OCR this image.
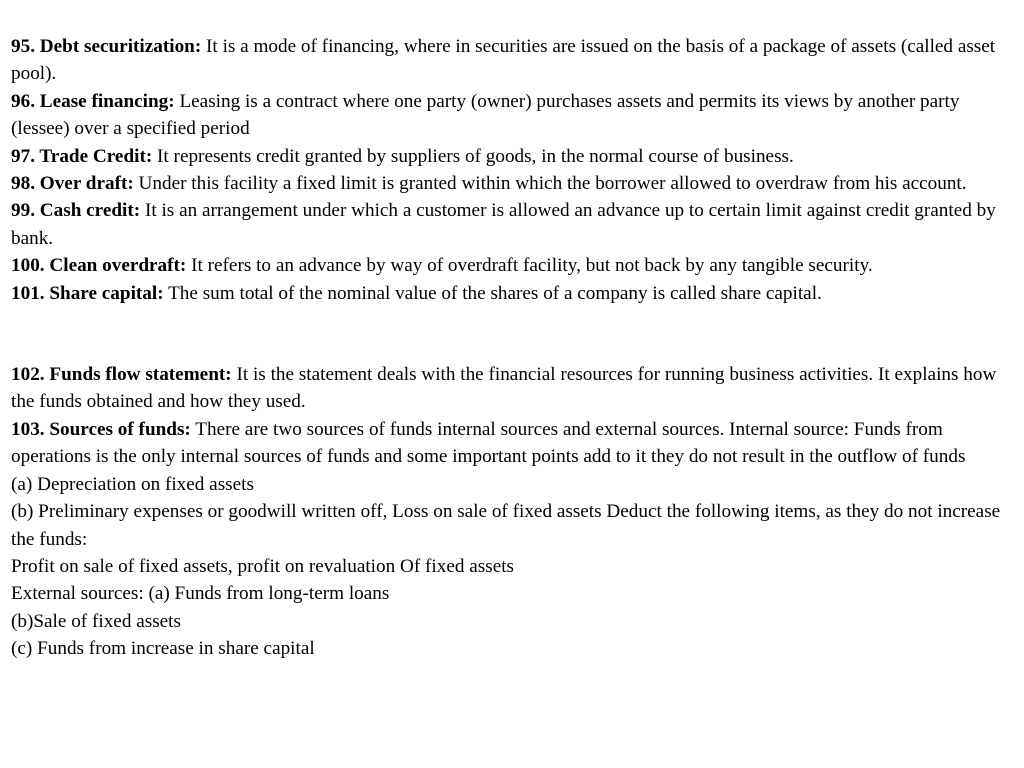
95. Debt securitization: It is a mode of financing, where in securities are issued on the basis of a package of assets (called asset pool).

96. Lease financing: Leasing is a contract where one party (owner) purchases assets and permits its views by another party (lessee) over a specified period

97. Trade Credit: It represents credit granted by suppliers of goods, in the normal course of business.

98. Over draft: Under this facility a fixed limit is granted within which the borrower allowed to overdraw from his account.

99. Cash credit: It is an arrangement under which a customer is allowed an advance up to certain limit against credit granted by bank.

100. Clean overdraft: It refers to an advance by way of overdraft facility, but not back by any tangible security.

101. Share capital: The sum total of the nominal value of the shares of a company is called share capital.

102. Funds flow statement: It is the statement deals with the financial resources for running business activities. It explains how the funds obtained and how they used.

103. Sources of funds: There are two sources of funds internal sources and external sources. Internal source: Funds from operations is the only internal sources of funds and some important points add to it they do not result in the outflow of funds

(a) Depreciation on fixed assets

(b) Preliminary expenses or goodwill written off, Loss on sale of fixed assets Deduct the following items, as they do not increase the funds:

Profit on sale of fixed assets, profit on revaluation Of fixed assets

External sources: (a) Funds from long-term loans

(b)Sale of fixed assets

(c) Funds from increase in share capital
